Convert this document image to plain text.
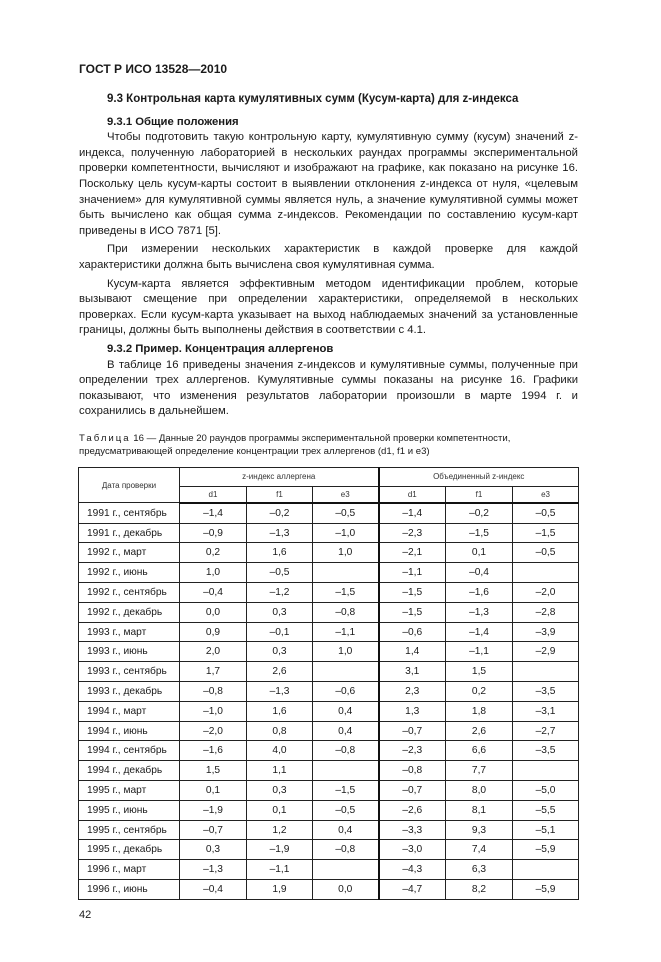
ГОСТ Р ИСО 13528—2010
9.3 Контрольная карта кумулятивных сумм (Кусум-карта) для z-индекса
9.3.1 Общие положения

Чтобы подготовить такую контрольную карту, кумулятивную сумму (кусум) значений z-индекса, полученную лабораторией в нескольких раундах программы экспериментальной проверки компетентности, вычисляют и изображают на графике, как показано на рисунке 16. Поскольку цель кусум-карты состоит в выявлении отклонения z-индекса от нуля, «целевым значением» для кумулятивной суммы является нуль, а значение кумулятивной суммы может быть вычислено как общая сумма z-индексов. Рекомендации по составлению кусум-карт приведены в ИСО 7871 [5].

При измерении нескольких характеристик в каждой проверке для каждой характеристики должна быть вычислена своя кумулятивная сумма.

Кусум-карта является эффективным методом идентификации проблем, которые вызывают смещение при определении характеристики, определяемой в нескольких проверках. Если кусум-карта указывает на выход наблюдаемых значений за установленные границы, должны быть выполнены действия в соответствии с 4.1.

9.3.2 Пример. Концентрация аллергенов

В таблице 16 приведены значения z-индексов и кумулятивные суммы, полученные при определении трех аллергенов. Кумулятивные суммы показаны на рисунке 16. Графики показывают, что изменения результатов лаборатории произошли в марте 1994 г. и сохранились в дальнейшем.

Таблица 16 — Данные 20 раундов программы экспериментальной проверки компетентности, предусматривающей определение концентрации трех аллергенов (d1, f1 и e3)

Дата проверки	z-индекс аллергена			Объединенный z-индекс		
	d1	f1	e3	d1	f1	e3
1991 г., сентябрь	–1,4	–0,2	–0,5	–1,4	–0,2	–0,5
1991 г., декабрь	–0,9	–1,3	–1,0	–2,3	–1,5	–1,5
1992 г., март	0,2	1,6	1,0	–2,1	0,1	–0,5
1992 г., июнь	1,0	–0,5		–1,1	–0,4	
1992 г., сентябрь	–0,4	–1,2	–1,5	–1,5	–1,6	–2,0
1992 г., декабрь	0,0	0,3	–0,8	–1,5	–1,3	–2,8
1993 г., март	0,9	–0,1	–1,1	–0,6	–1,4	–3,9
1993 г., июнь	2,0	0,3	1,0	1,4	–1,1	–2,9
1993 г., сентябрь	1,7	2,6		3,1	1,5	
1993 г., декабрь	–0,8	–1,3	–0,6	2,3	0,2	–3,5
1994 г., март	–1,0	1,6	0,4	1,3	1,8	–3,1
1994 г., июнь	–2,0	0,8	0,4	–0,7	2,6	–2,7
1994 г., сентябрь	–1,6	4,0	–0,8	–2,3	6,6	–3,5
1994 г., декабрь	1,5	1,1		–0,8	7,7	
1995 г., март	0,1	0,3	–1,5	–0,7	8,0	–5,0
1995 г., июнь	–1,9	0,1	–0,5	–2,6	8,1	–5,5
1995 г., сентябрь	–0,7	1,2	0,4	–3,3	9,3	–5,1
1995 г., декабрь	0,3	–1,9	–0,8	–3,0	7,4	–5,9
1996 г., март	–1,3	–1,1		–4,3	6,3	
1996 г., июнь	–0,4	1,9	0,0	–4,7	8,2	–5,9
42
